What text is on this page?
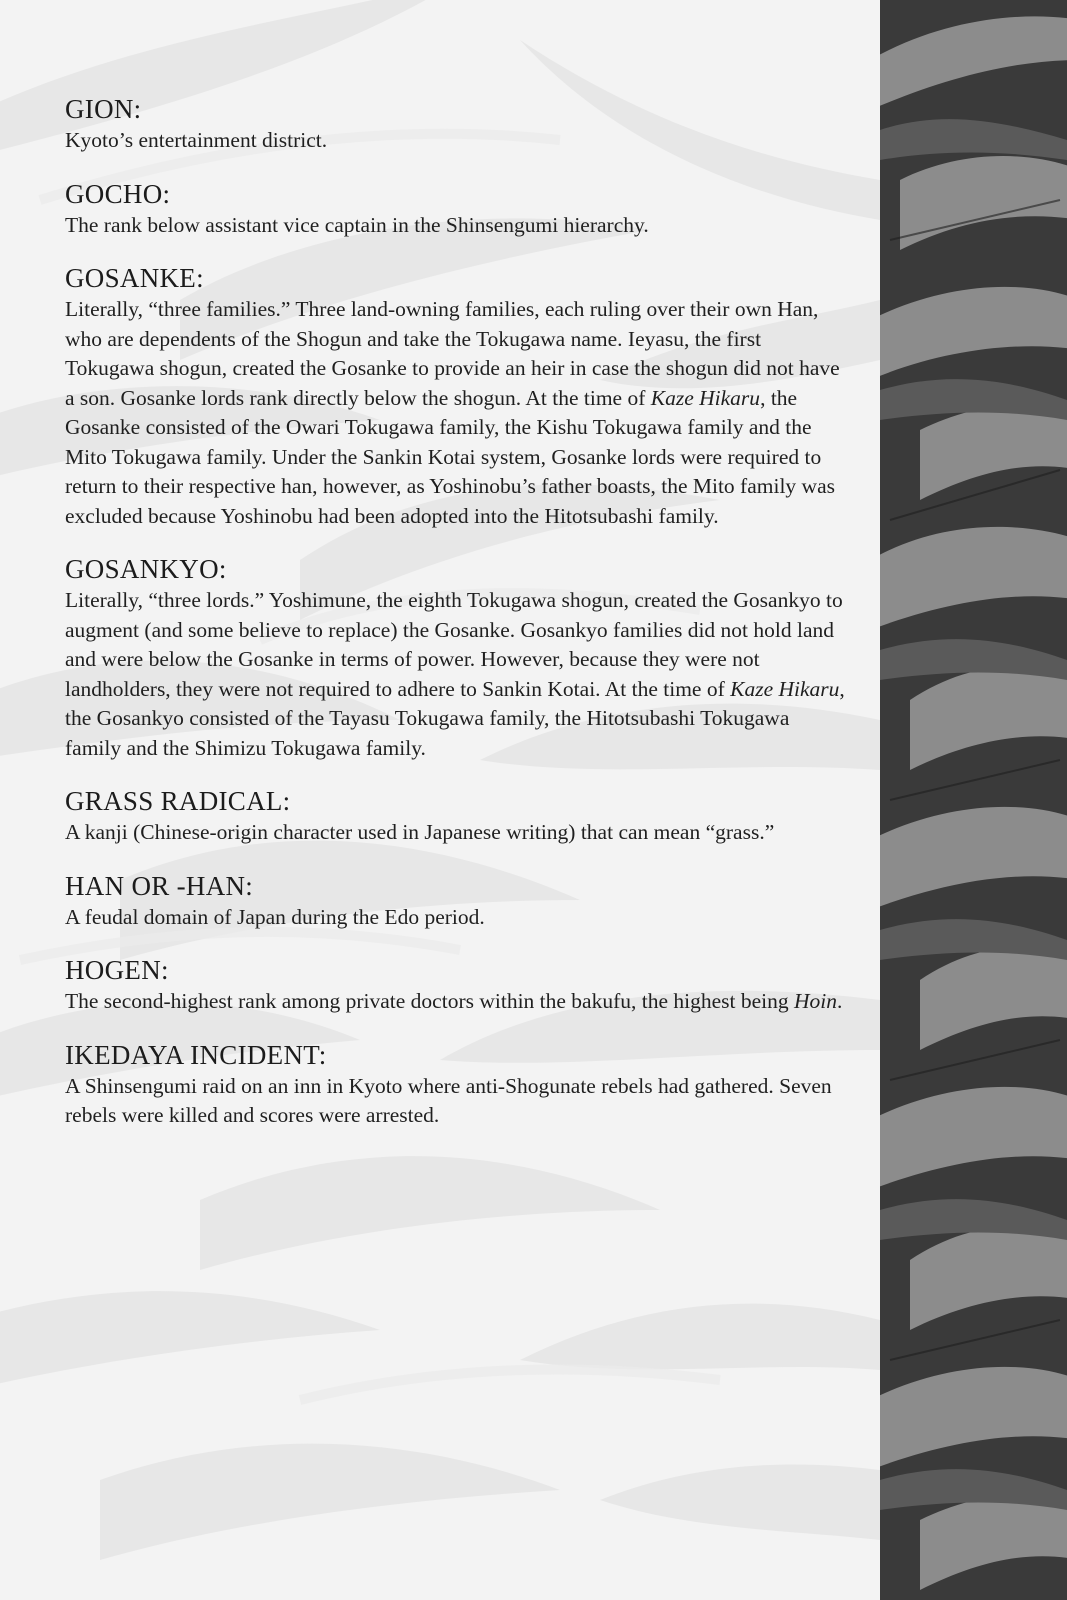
GION:

Kyoto’s entertainment district.

GOCHO:

The rank below assistant vice captain in the Shinsengumi hierarchy.

GOSANKE:

Literally, “three families.” Three land-owning families, each ruling over their own Han, who are dependents of the Shogun and take the Tokugawa name. Ieyasu, the first Tokugawa shogun, created the Gosanke to provide an heir in case the shogun did not have a son. Gosanke lords rank directly below the shogun. At the time of Kaze Hikaru, the Gosanke consisted of the Owari Tokugawa family, the Kishu Tokugawa family and the Mito Tokugawa family. Under the Sankin Kotai system, Gosanke lords were required to return to their respective han, however, as Yoshinobu’s father boasts, the Mito family was excluded because Yoshinobu had been adopted into the Hitotsubashi family.

GOSANKYO:

Literally, “three lords.” Yoshimune, the eighth Tokugawa shogun, created the Gosankyo to augment (and some believe to replace) the Gosanke. Gosankyo families did not hold land and were below the Gosanke in terms of power. However, because they were not landholders, they were not required to adhere to Sankin Kotai. At the time of Kaze Hikaru, the Gosankyo consisted of the Tayasu Tokugawa family, the Hitotsubashi Tokugawa family and the Shimizu Tokugawa family.

GRASS RADICAL:

A kanji (Chinese-origin character used in Japanese writing) that can mean “grass.”

HAN OR -HAN:

A feudal domain of Japan during the Edo period.

HOGEN:

The second-highest rank among private doctors within the bakufu, the highest being Hoin.

IKEDAYA INCIDENT:

A Shinsengumi raid on an inn in Kyoto where anti-Shogunate rebels had gathered. Seven rebels were killed and scores were arrested.
